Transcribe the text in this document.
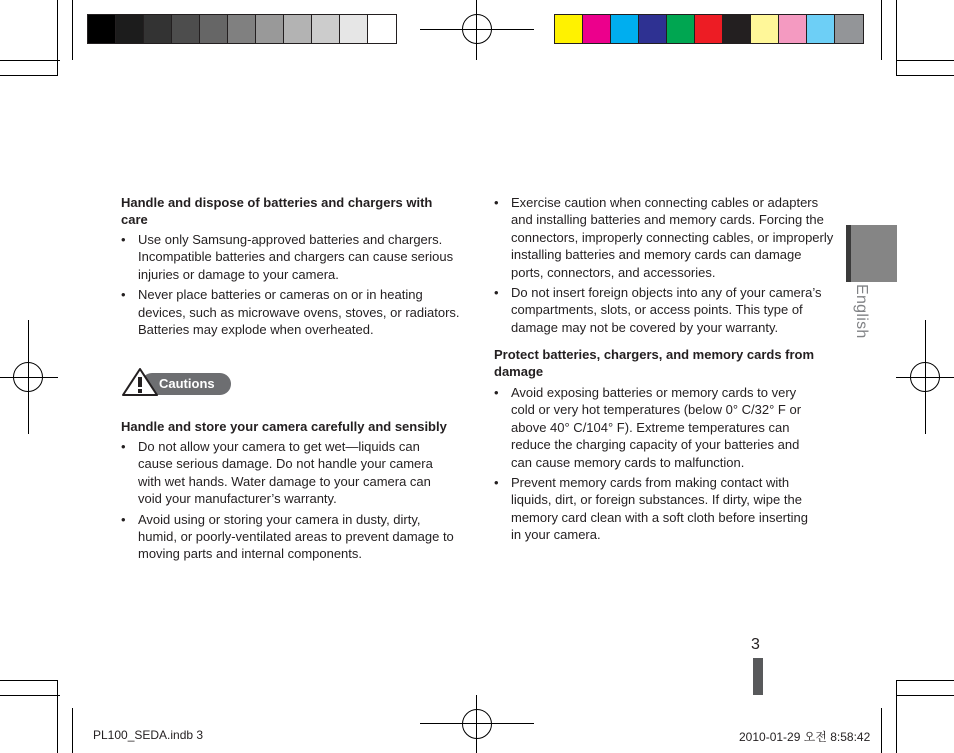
Handle and dispose of batteries and chargers with care
• Use only Samsung-approved batteries and chargers. Incompatible batteries and chargers can cause serious injuries or damage to your camera.
• Never place batteries or cameras on or in heating devices, such as microwave ovens, stoves, or radiators. Batteries may explode when overheated.
Cautions
Handle and store your camera carefully and sensibly
• Do not allow your camera to get wet—liquids can cause serious damage. Do not handle your camera with wet hands. Water damage to your camera can void your manufacturer’s warranty.
• Avoid using or storing your camera in dusty, dirty, humid, or poorly-ventilated areas to prevent damage to moving parts and internal components.
• Exercise caution when connecting cables or adapters and installing batteries and memory cards. Forcing the connectors, improperly connecting cables, or improperly installing batteries and memory cards can damage ports, connectors, and accessories.
• Do not insert foreign objects into any of your camera’s compartments, slots, or access points. This type of damage may not be covered by your warranty.
Protect batteries, chargers, and memory cards from damage
• Avoid exposing batteries or memory cards to very cold or very hot temperatures (below 0° C/32° F or above 40° C/104° F). Extreme temperatures can reduce the charging capacity of your batteries and can cause memory cards to malfunction.
• Prevent memory cards from making contact with liquids, dirt, or foreign substances. If dirty, wipe the memory card clean with a soft cloth before inserting in your camera.
English
3
PL100_SEDA.indb 3	2010-01-29 오전 8:58:42
